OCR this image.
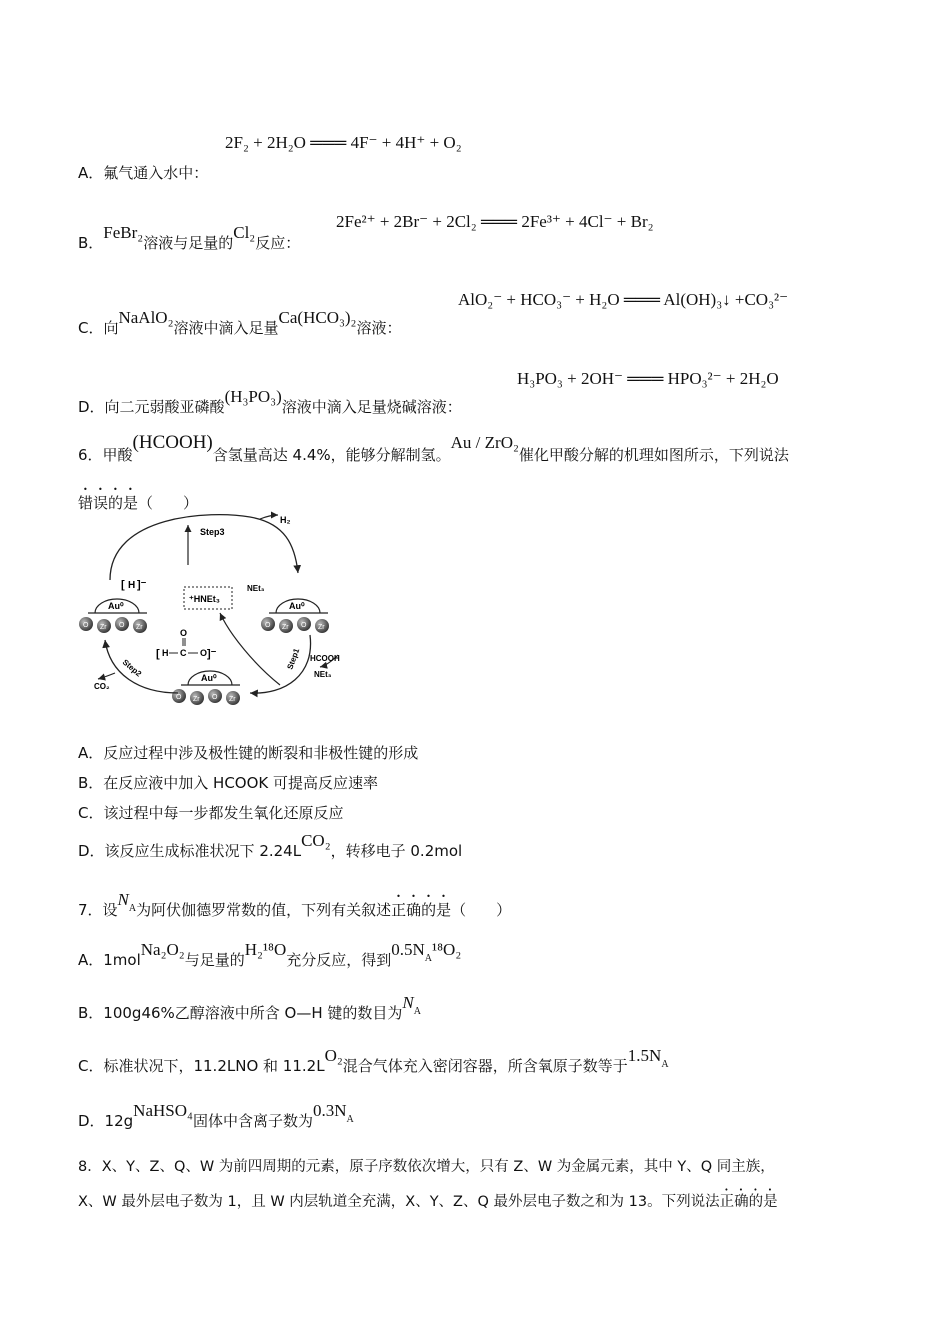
2F₂ + 2H₂O ═══ 4F⁻ + 4H⁺ + O₂
A．氟气通入水中：
2Fe²⁺ + 2Br⁻ + 2Cl₂ ═══ 2Fe³⁺ + 4Cl⁻ + Br₂
B．FeBr₂溶液与足量的Cl₂反应：
AlO₂⁻ + HCO₃⁻ + H₂O ═══ Al(OH)₃↓ +CO₃²⁻
C．向NaAlO₂溶液中滴入足量Ca(HCO₃)₂溶液：
H₃PO₃ + 2OH⁻ ═══ HPO₃²⁻ + 2H₂O
D．向二元弱酸亚磷酸(H₃PO₃)溶液中滴入足量烧碱溶液：
6．甲酸(HCOOH)含氢量高达 4.4%，能够分解制氢。Au / ZrO₂催化甲酸分解的机理如图所示，下列说法
错误的是（　　）
Step3
H₂
NEt₃
⁺HNEt₃
[ H ]⁻
Au⁰
O Zr O Zr
Au⁰
O Zr O Zr
O
[ H C O ]⁻
Au⁰
O Zr O Zr
Step1 HCOOH
NEt₃
Step2
CO₂
A．反应过程中涉及极性键的断裂和非极性键的形成
B．在反应液中加入 HCOOK 可提高反应速率
C．该过程中每一步都发生氧化还原反应
D．该反应生成标准状况下 2.24LCO₂，转移电子 0.2mol
7．设$N^A$为阿伏伽德罗常数的值，下列有关叙述正确的是（　　）
A．1molNa₂O₂与足量的H₂¹⁸O充分反应，得到$0.5N^A^{18}O_2$
B．100g46%乙醇溶液中所含 O—H 键的数目为$N^A$
C．标准状况下，11.2LNO 和 11.2LO₂混合气体充入密闭容器，所含氧原子数等于$1.5N^A$
D．12gNaHSO₄固体中含离子数为$0.3N^A$
8．X、Y、Z、Q、W 为前四周期的元素，原子序数依次增大，只有 Z、W 为金属元素，其中 Y、Q 同主族，
X、W 最外层电子数为 1，且 W 内层轨道全充满，X、Y、Z、Q 最外层电子数之和为 13。下列说法正确的是
